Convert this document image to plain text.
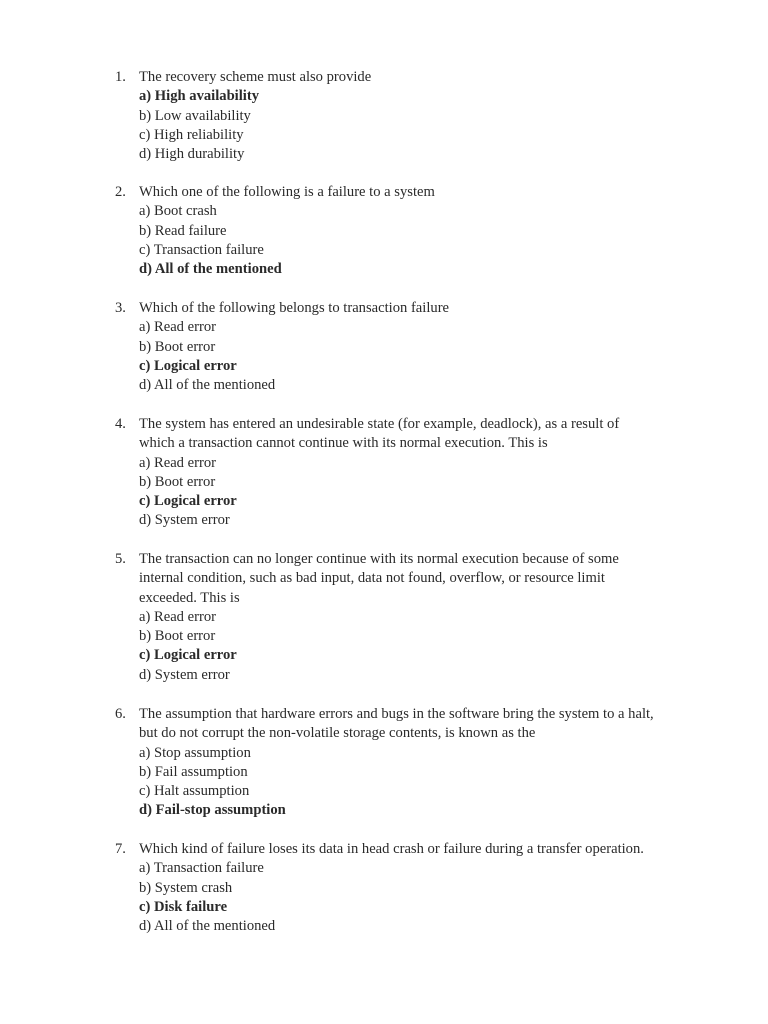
1. The recovery scheme must also provide
a) High availability
b) Low availability
c) High reliability
d) High durability
2. Which one of the following is a failure to a system
a) Boot crash
b) Read failure
c) Transaction failure
d) All of the mentioned
3. Which of the following belongs to transaction failure
a) Read error
b) Boot error
c) Logical error
d) All of the mentioned
4. The system has entered an undesirable state (for example, deadlock), as a result of
which a transaction cannot continue with its normal execution. This is
a) Read error
b) Boot error
c) Logical error
d) System error
5. The transaction can no longer continue with its normal execution because of some
internal condition, such as bad input, data not found, overflow, or resource limit
exceeded. This is
a) Read error
b) Boot error
c) Logical error
d) System error
6. The assumption that hardware errors and bugs in the software bring the system to a halt,
but do not corrupt the non-volatile storage contents, is known as the
a) Stop assumption
b) Fail assumption
c) Halt assumption
d) Fail-stop assumption
7. Which kind of failure loses its data in head crash or failure during a transfer operation.
a) Transaction failure
b) System crash
c) Disk failure
d) All of the mentioned
